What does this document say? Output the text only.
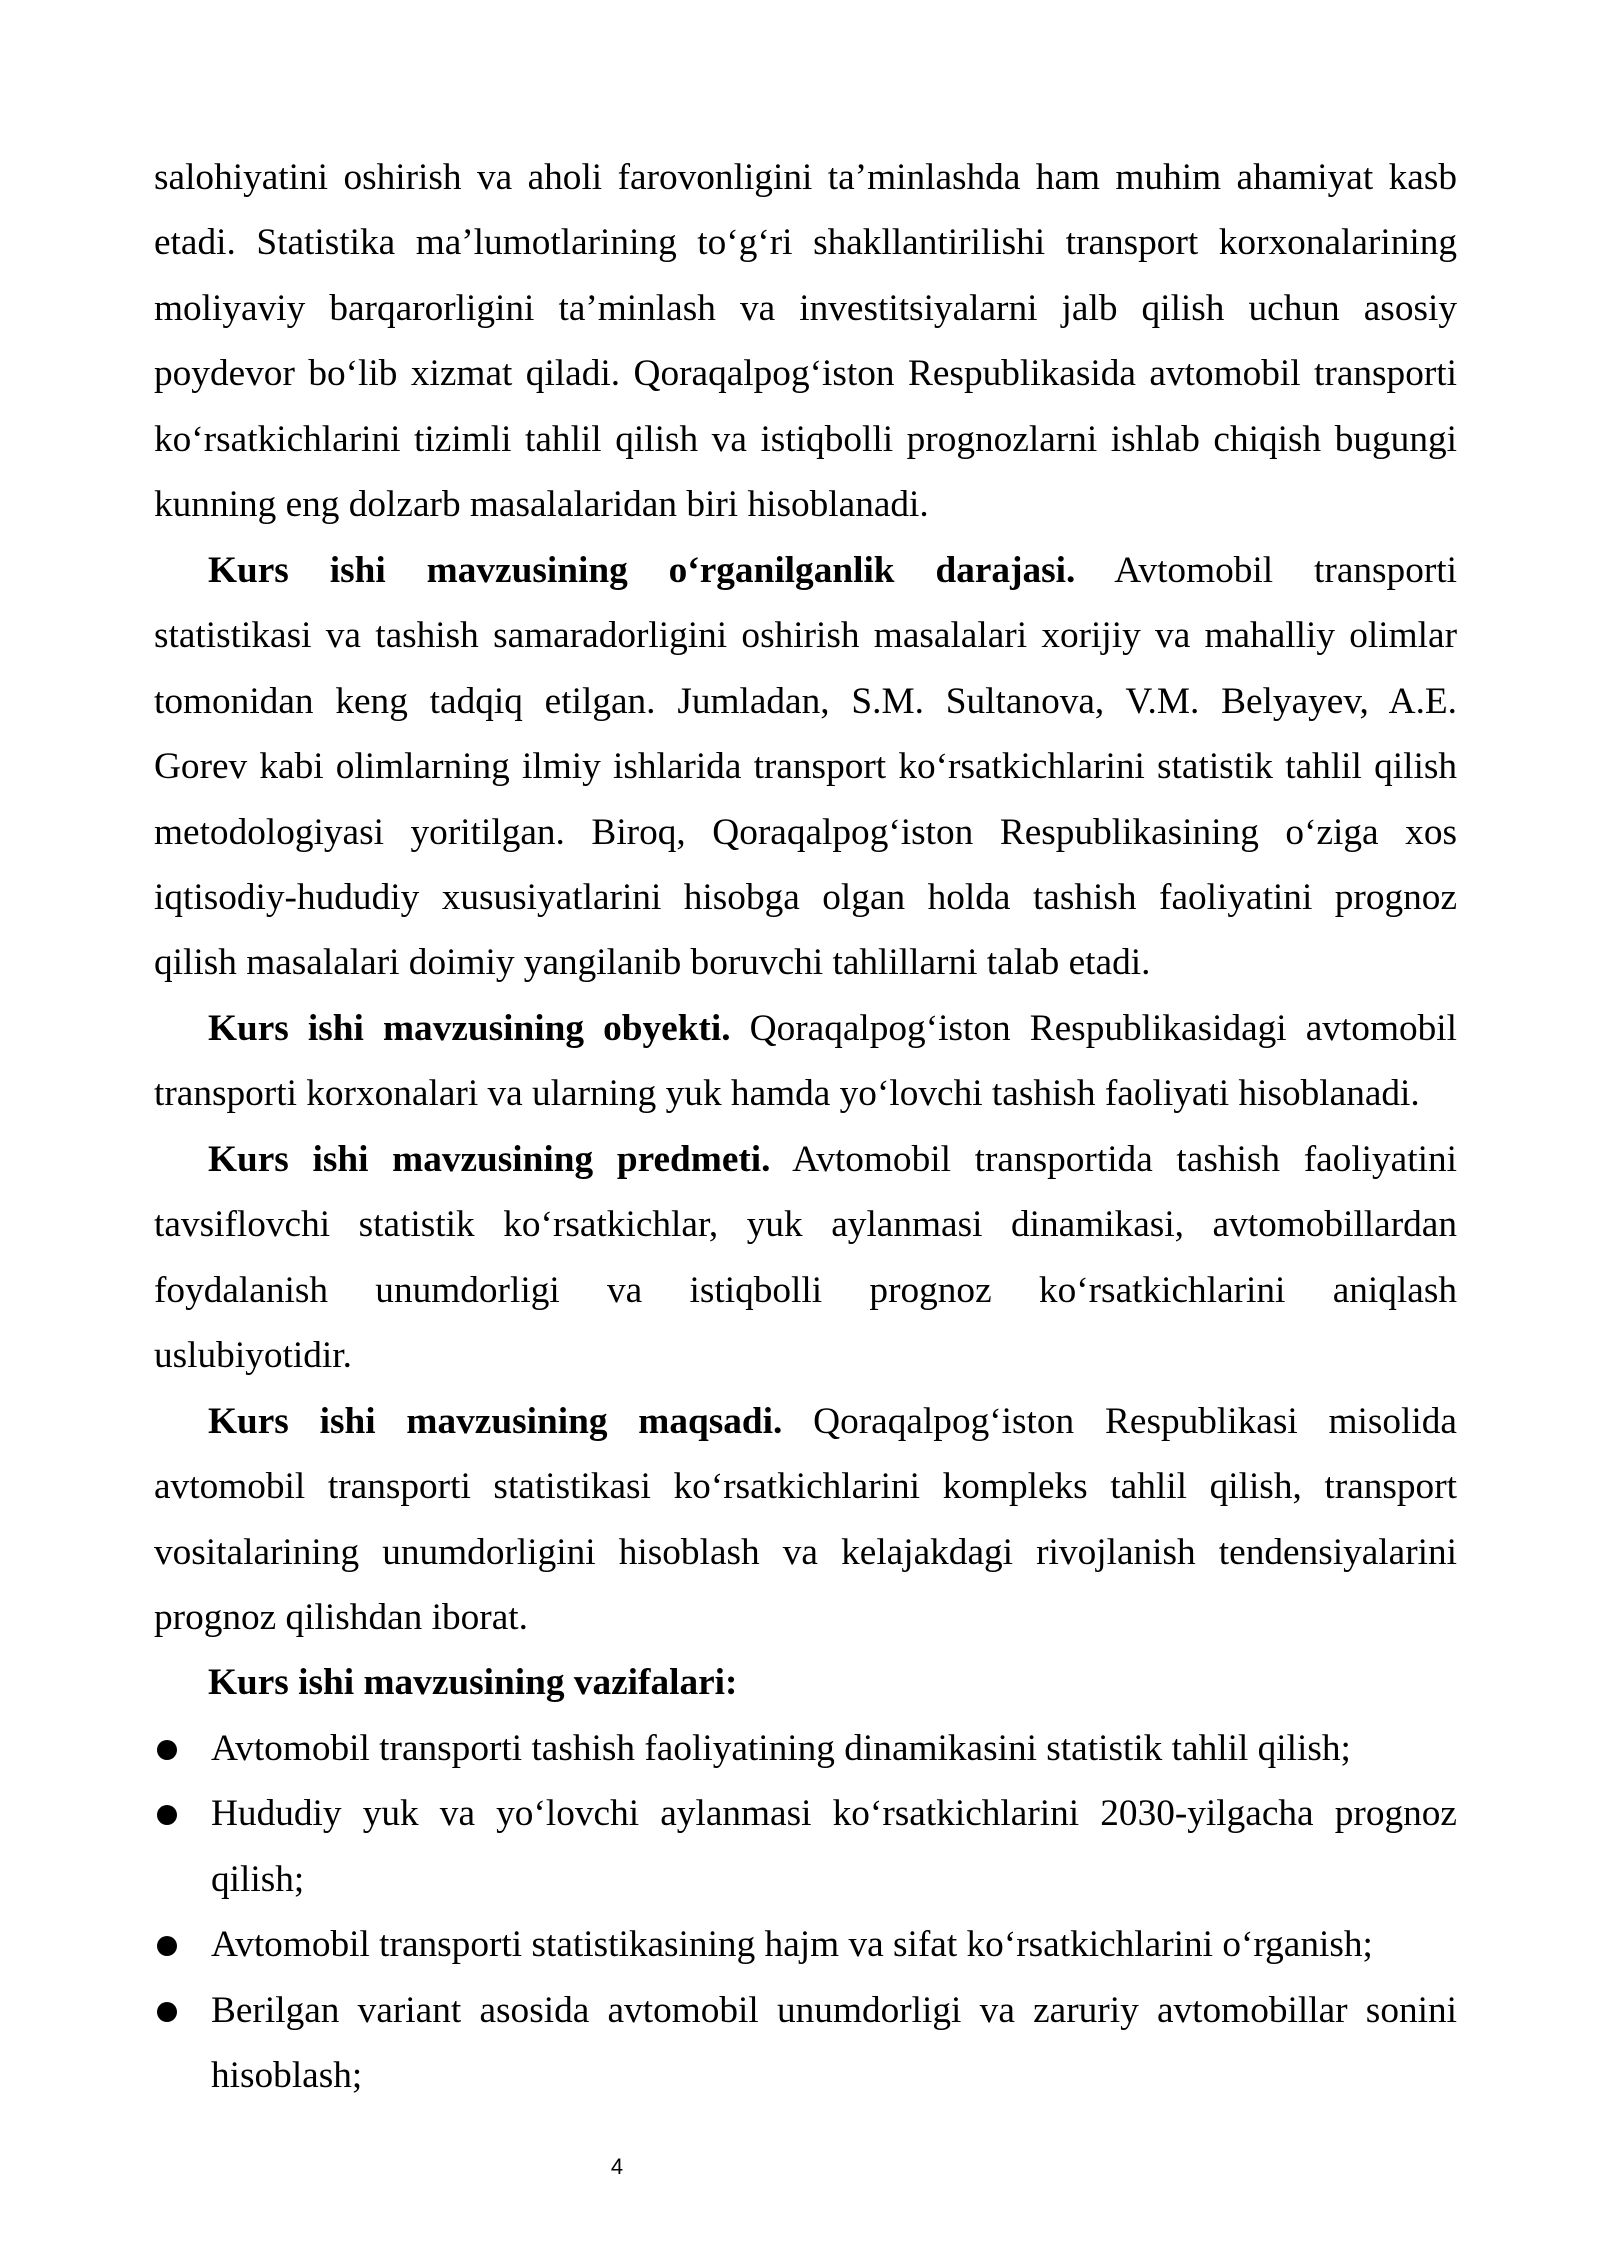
salohiyatini oshirish va aholi farovonligini ta’minlashda ham muhim ahamiyat kasb
etadi. Statistika ma’lumotlarining to‘g‘ri shakllantirilishi transport korxonalarining
moliyaviy barqarorligini ta’minlash va investitsiyalarni jalb qilish uchun asosiy
poydevor bo‘lib xizmat qiladi. Qoraqalpog‘iston Respublikasida avtomobil transporti
ko‘rsatkichlarini tizimli tahlil qilish va istiqbolli prognozlarni ishlab chiqish bugungi
kunning eng dolzarb masalalaridan biri hisoblanadi.
Kurs ishi mavzusining o‘rganilganlik darajasi. Avtomobil transporti
statistikasi va tashish samaradorligini oshirish masalalari xorijiy va mahalliy olimlar
tomonidan keng tadqiq etilgan. Jumladan, S.M. Sultanova, V.M. Belyayev, A.E.
Gorev kabi olimlarning ilmiy ishlarida transport ko‘rsatkichlarini statistik tahlil qilish
metodologiyasi yoritilgan. Biroq, Qoraqalpog‘iston Respublikasining o‘ziga xos
iqtisodiy-hududiy xususiyatlarini hisobga olgan holda tashish faoliyatini prognoz
qilish masalalari doimiy yangilanib boruvchi tahlillarni talab etadi.
Kurs ishi mavzusining obyekti. Qoraqalpog‘iston Respublikasidagi avtomobil
transporti korxonalari va ularning yuk hamda yo‘lovchi tashish faoliyati hisoblanadi.
Kurs ishi mavzusining predmeti. Avtomobil transportida tashish faoliyatini
tavsiflovchi statistik ko‘rsatkichlar, yuk aylanmasi dinamikasi, avtomobillardan
foydalanish unumdorligi va istiqbolli prognoz ko‘rsatkichlarini aniqlash
uslubiyotidir.
Kurs ishi mavzusining maqsadi. Qoraqalpog‘iston Respublikasi misolida
avtomobil transporti statistikasi ko‘rsatkichlarini kompleks tahlil qilish, transport
vositalarining unumdorligini hisoblash va kelajakdagi rivojlanish tendensiyalarini
prognoz qilishdan iborat.
Kurs ishi mavzusining vazifalari:
Avtomobil transporti tashish faoliyatining dinamikasini statistik tahlil qilish;
Hududiy yuk va yo‘lovchi aylanmasi ko‘rsatkichlarini 2030-yilgacha prognoz
qilish;
Avtomobil transporti statistikasining hajm va sifat ko‘rsatkichlarini o‘rganish;
Berilgan variant asosida avtomobil unumdorligi va zaruriy avtomobillar sonini
hisoblash;
4
